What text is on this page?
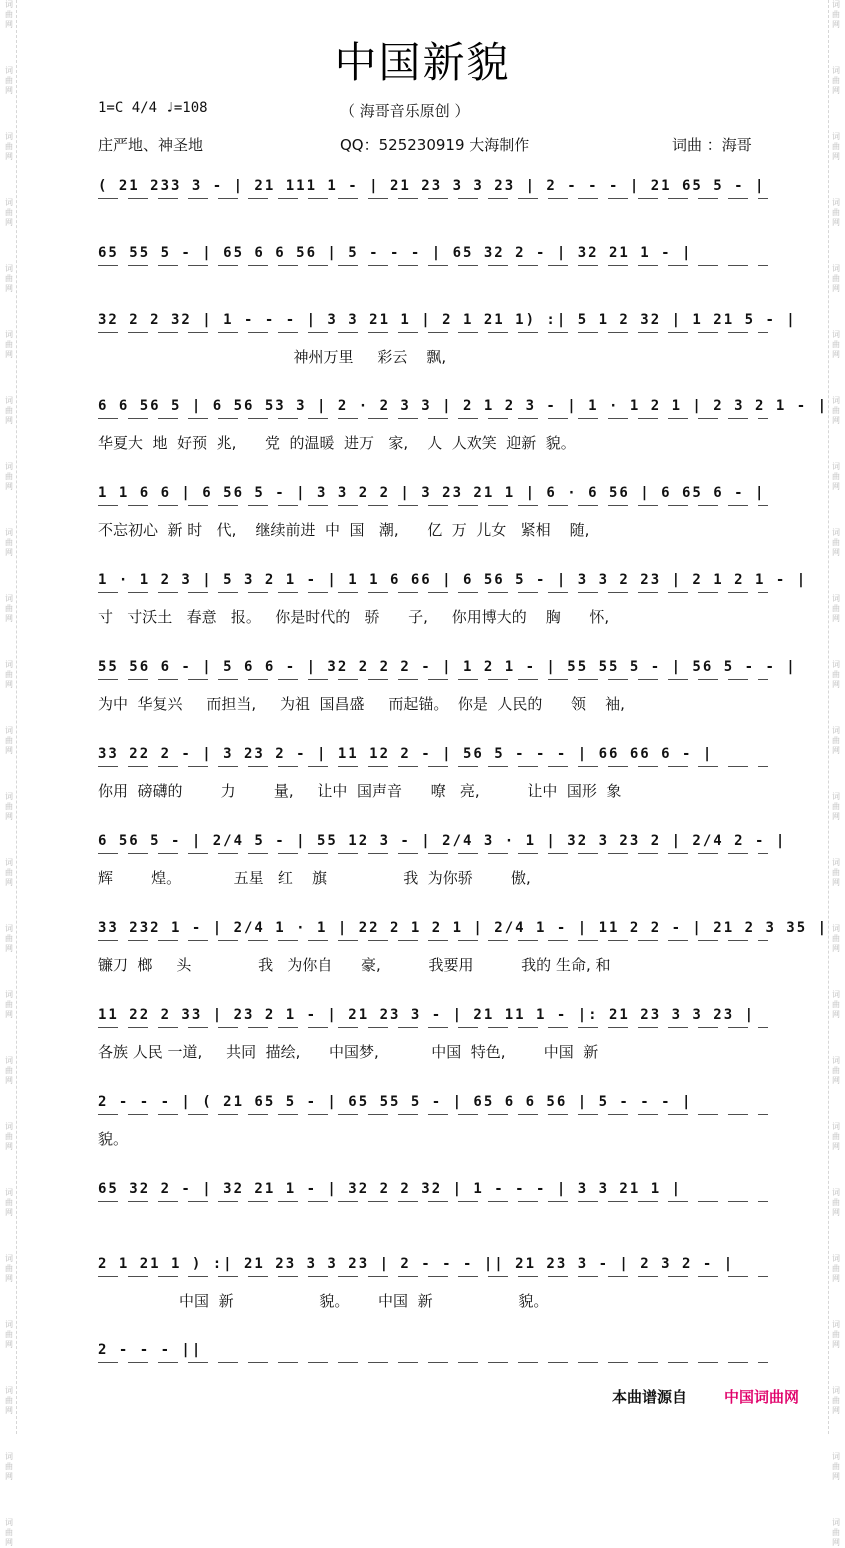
词曲网
词曲网
词曲网
词曲网
词曲网
词曲网
词曲网
词曲网
词曲网
词曲网
词曲网
词曲网
词曲网
词曲网
词曲网
词曲网
词曲网
词曲网
词曲网
词曲网
词曲网
词曲网
词曲网
词曲网
词曲网
词曲网
词曲网
词曲网
词曲网
词曲网
词曲网
词曲网
词曲网
词曲网
词曲网
词曲网
词曲网
词曲网
词曲网
词曲网
词曲网
词曲网
词曲网
词曲网
词曲网
词曲网
词曲网
词曲网
中国新貌
1=C 4/4 ♩=108	（ 海哥音乐原创 ）
庄严地、神圣地	QQ：525230919 大海制作	词曲 ：海哥
( 21 233 3 - | 21 111 1 - | 21 23 3 3 23 | 2 - - - | 21 65 5 - |
65 55 5 - | 65 6 6 56 | 5 - - - | 65 32 2 - | 32 21 1 - |
32 2 2 32 | 1 - - - | 3 3 21 1 | 2 1 21 1) :| 5 1 2 32 | 1 21 5 - |
神州万里     彩云    飘,
6 6 56 5 | 6 56 53 3 | 2 · 2 3 3 | 2 1 2 3 - | 1 · 1 2 1 | 2 3 2 1 - |
华夏大  地  好预  兆,      党  的温暖  进万   家,    人  人欢笑  迎新  貌。
1 1 6 6 | 6 56 5 - | 3 3 2 2 | 3 23 21 1 | 6 · 6 56 | 6 65 6 - |
不忘初心  新 时   代,    继续前进  中  国   潮,      亿  万  儿女   紧相    随,
1 · 1 2 3 | 5 3 2 1 - | 1 1 6 66 | 6 56 5 - | 3 3 2 23 | 2 1 2 1 - |
寸   寸沃土   春意   报。   你是时代的   骄      子,     你用博大的    胸      怀,
55 56 6 - | 5 6 6 - | 32 2 2 2 - | 1 2 1 - | 55 55 5 - | 56 5 - - |
为中  华复兴     而担当,     为祖  国昌盛     而起锚。  你是  人民的      领    袖,
33 22 2 - | 3 23 2 - | 11 12 2 - | 56 5 - - - | 66 66 6 - |
你用  磅礴的        力        量,     让中  国声音      嘹   亮,          让中  国形  象
6 56 5 - | 2/4 5 - | 55 12 3 - | 2/4 3 · 1 | 32 3 23 2 | 2/4 2 - |
辉        煌。           五星   红    旗                我  为你骄        傲,
33 232 1 - | 2/4 1 · 1 | 22 2 1 2 1 | 2/4 1 - | 11 2 2 - | 21 2 3 35 |
镰刀  榔     头              我   为你自      豪,          我要用          我的 生命, 和
11 22 2 33 | 23 2 1 - | 21 23 3 - | 21 11 1 - |: 21 23 3 3 23 |
各族 人民 一道,     共同  描绘,      中国梦,           中国  特色,        中国  新
2 - - - | ( 21 65 5 - | 65 55 5 - | 65 6 6 56 | 5 - - - |
貌。
65 32 2 - | 32 21 1 - | 32 2 2 32 | 1 - - - | 3 3 21 1 |
2 1 21 1 ) :| 21 23 3 3 23 | 2 - - - || 21 23 3 - | 2 3 2 - |
中国  新                  貌。      中国  新                  貌。
2 - - - ||
本曲谱源自 中国词曲网
